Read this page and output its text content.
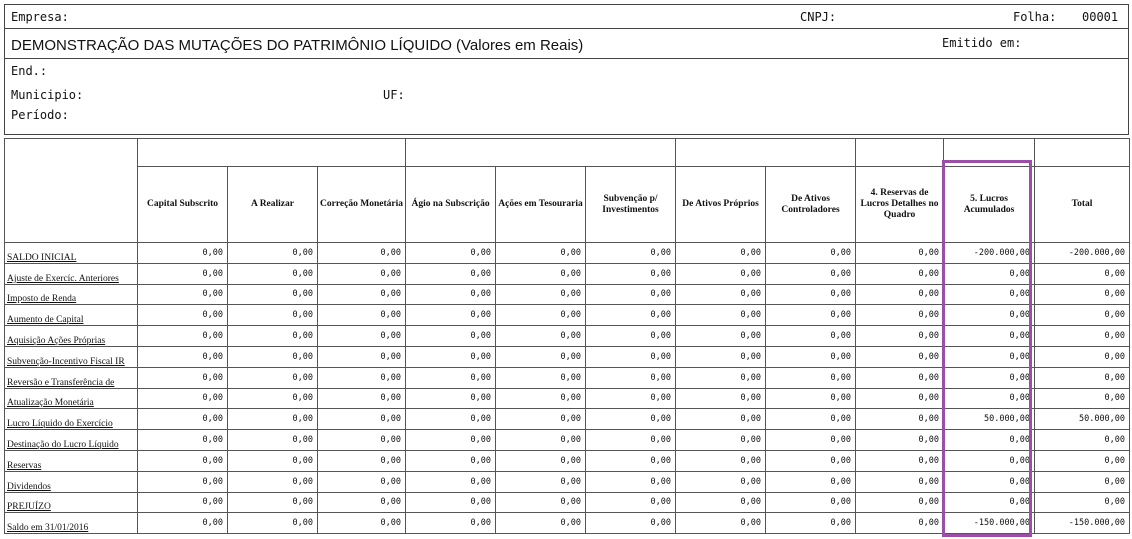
Empresa:	CNPJ:	Folha: 00001
DEMONSTRAÇÃO DAS MUTAÇÕES DO PATRIMÔNIO LÍQUIDO (Valores em Reais)	Emitido em:
End.:
Municipio:	UF:
Período:

	Capital Subscrito	A Realizar	Correção Monetária	Ágio na Subscrição	Ações em Tesouraria	Subvenção p/ Investimentos	De Ativos Próprios	De Ativos Controladores	4. Reservas de Lucros Detalhes no Quadro	5. Lucros Acumulados	Total
SALDO INICIAL	0,00	0,00	0,00	0,00	0,00	0,00	0,00	0,00	0,00	-200.000,00	-200.000,00
Ajuste de Exercíc. Anteriores	0,00	0,00	0,00	0,00	0,00	0,00	0,00	0,00	0,00	0,00	0,00
Imposto de Renda	0,00	0,00	0,00	0,00	0,00	0,00	0,00	0,00	0,00	0,00	0,00
Aumento de Capital	0,00	0,00	0,00	0,00	0,00	0,00	0,00	0,00	0,00	0,00	0,00
Aquisição Ações Próprias	0,00	0,00	0,00	0,00	0,00	0,00	0,00	0,00	0,00	0,00	0,00
Subvenção-Incentivo Fiscal IR	0,00	0,00	0,00	0,00	0,00	0,00	0,00	0,00	0,00	0,00	0,00
Reversão e Transferência de	0,00	0,00	0,00	0,00	0,00	0,00	0,00	0,00	0,00	0,00	0,00
Atualização Monetária	0,00	0,00	0,00	0,00	0,00	0,00	0,00	0,00	0,00	0,00	0,00
Lucro Líquido do Exercício	0,00	0,00	0,00	0,00	0,00	0,00	0,00	0,00	0,00	50.000,00	50.000,00
Destinação do Lucro Líquido	0,00	0,00	0,00	0,00	0,00	0,00	0,00	0,00	0,00	0,00	0,00
Reservas	0,00	0,00	0,00	0,00	0,00	0,00	0,00	0,00	0,00	0,00	0,00
Dividendos	0,00	0,00	0,00	0,00	0,00	0,00	0,00	0,00	0,00	0,00	0,00
PREJUÍZO	0,00	0,00	0,00	0,00	0,00	0,00	0,00	0,00	0,00	0,00	0,00
Saldo em 31/01/2016	0,00	0,00	0,00	0,00	0,00	0,00	0,00	0,00	0,00	-150.000,00	-150.000,00
